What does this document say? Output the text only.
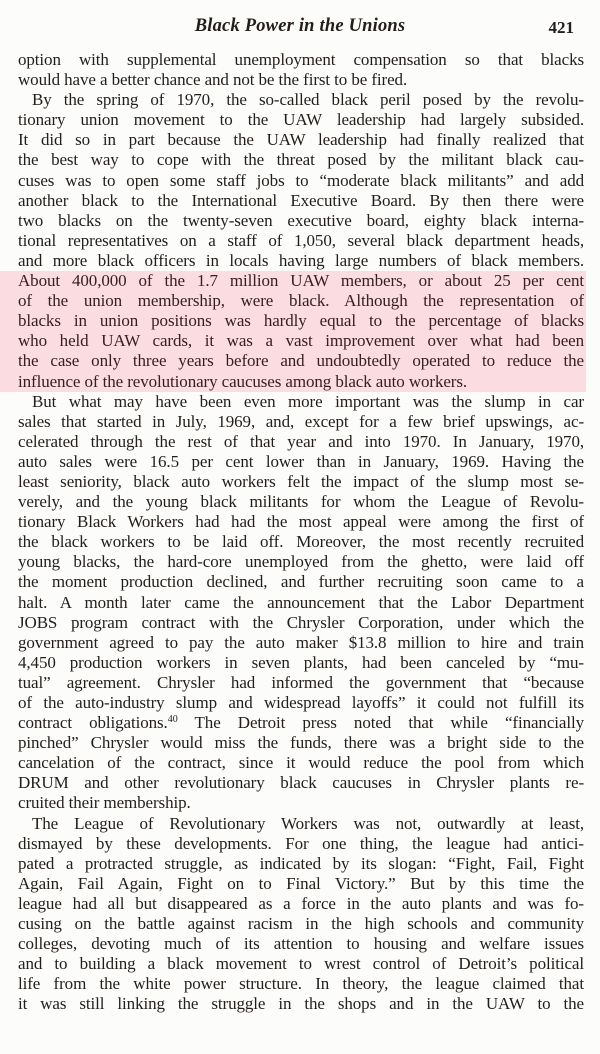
Black Power in the Unions	421
option with supplemental unemployment compensation so that blacks
would have a better chance and not be the first to be fired.
By the spring of 1970, the so-called black peril posed by the revolu-
tionary union movement to the UAW leadership had largely subsided.
It did so in part because the UAW leadership had finally realized that
the best way to cope with the threat posed by the militant black cau-
cuses was to open some staff jobs to “moderate black militants” and add
another black to the International Executive Board. By then there were
two blacks on the twenty-seven executive board, eighty black interna-
tional representatives on a staff of 1,050, several black department heads,
and more black officers in locals having large numbers of black members.
About 400,000 of the 1.7 million UAW members, or about 25 per cent
of the union membership, were black. Although the representation of
blacks in union positions was hardly equal to the percentage of blacks
who held UAW cards, it was a vast improvement over what had been
the case only three years before and undoubtedly operated to reduce the
influence of the revolutionary caucuses among black auto workers.
But what may have been even more important was the slump in car
sales that started in July, 1969, and, except for a few brief upswings, ac-
celerated through the rest of that year and into 1970. In January, 1970,
auto sales were 16.5 per cent lower than in January, 1969. Having the
least seniority, black auto workers felt the impact of the slump most se-
verely, and the young black militants for whom the League of Revolu-
tionary Black Workers had had the most appeal were among the first of
the black workers to be laid off. Moreover, the most recently recruited
young blacks, the hard-core unemployed from the ghetto, were laid off
the moment production declined, and further recruiting soon came to a
halt. A month later came the announcement that the Labor Department
JOBS program contract with the Chrysler Corporation, under which the
government agreed to pay the auto maker $13.8 million to hire and train
4,450 production workers in seven plants, had been canceled by “mu-
tual” agreement. Chrysler had informed the government that “because
of the auto-industry slump and widespread layoffs” it could not fulfill its
contract obligations.$^{40}$ The Detroit press noted that while “financially
pinched” Chrysler would miss the funds, there was a bright side to the
cancelation of the contract, since it would reduce the pool from which
DRUM and other revolutionary black caucuses in Chrysler plants re-
cruited their membership.
The League of Revolutionary Workers was not, outwardly at least,
dismayed by these developments. For one thing, the league had antici-
pated a protracted struggle, as indicated by its slogan: “Fight, Fail, Fight
Again, Fail Again, Fight on to Final Victory.” But by this time the
league had all but disappeared as a force in the auto plants and was fo-
cusing on the battle against racism in the high schools and community
colleges, devoting much of its attention to housing and welfare issues
and to building a black movement to wrest control of Detroit’s political
life from the white power structure. In theory, the league claimed that
it was still linking the struggle in the shops and in the UAW to the
